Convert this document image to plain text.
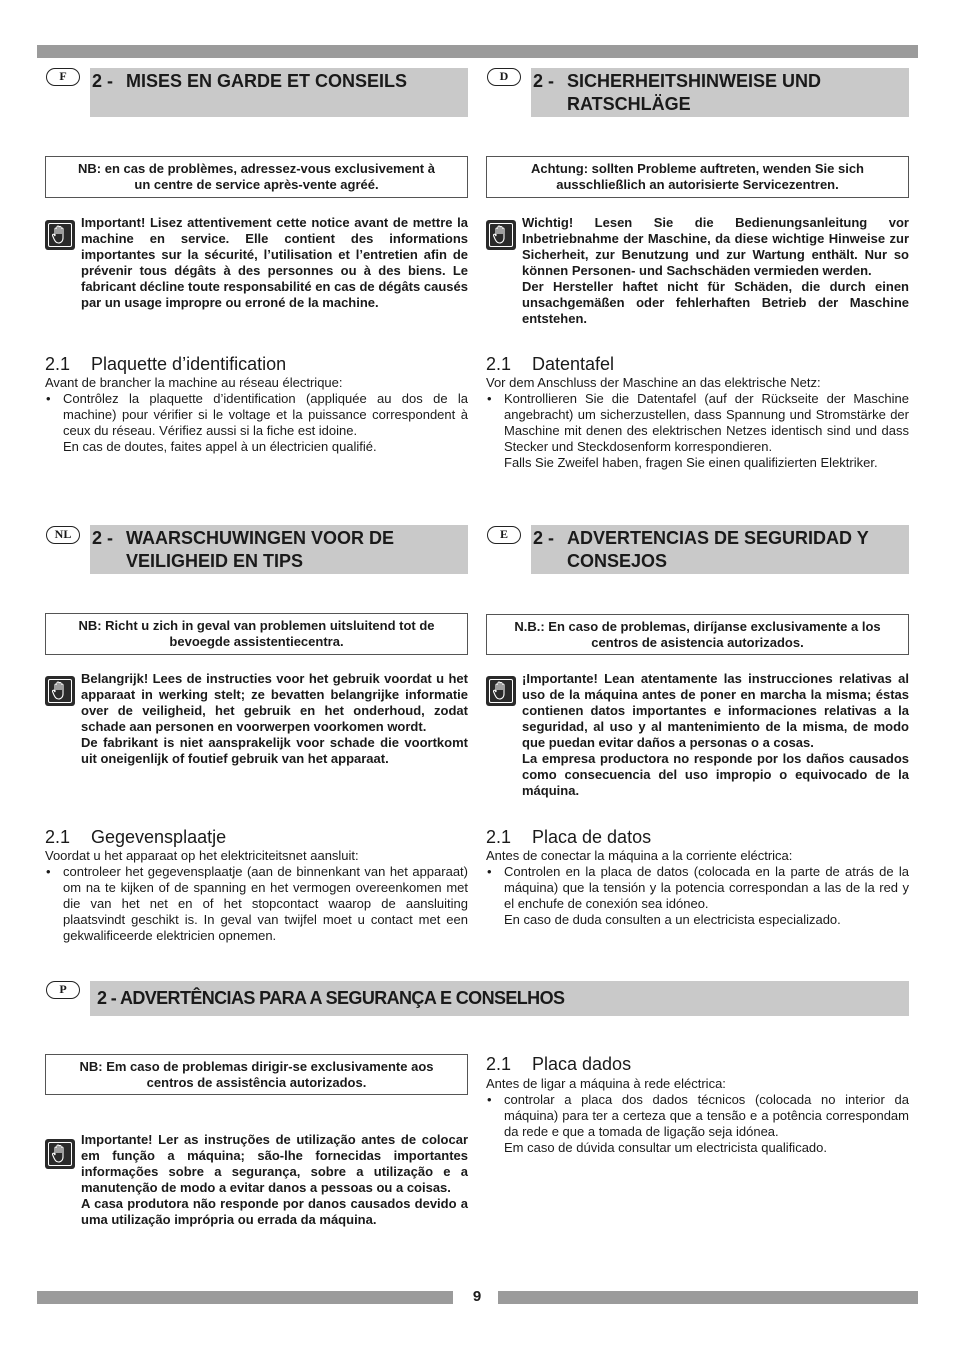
F	2 - MISES EN GARDE ET CONSEILS
NB: en cas de problèmes, adressez-vous exclusivement à
un centre de service après-vente agréé.

Important! Lisez attentivement cette notice avant de mettre la machine en service. Elle contient des informations importantes sur la sécurité, l’utilisation et l’entretien afin de prévenir tous dégâts à des personnes ou à des biens. Le fabricant décline toute responsabilité en cas de dégâts causés par un usage impropre ou erroné de la machine.

2.1 Plaquette d’identification

Avant de brancher la machine au réseau électrique:

• Contrôlez la plaquette d’identification (appliquée au dos de la machine) pour vérifier si le voltage et la puissance correspondent à ceux du réseau. Vérifiez aussi si la fiche est idoine.

En cas de doutes, faites appel à un électricien qualifié.

D	2 - SICHERHEITSHINWEISE UND RATSCHLÄGE
Achtung: sollten Probleme auftreten, wenden Sie sich
ausschließlich an autorisierte Servicezentren.

Wichtig! Lesen Sie die Bedienungsanleitung vor Inbetriebnahme der Maschine, da diese wichtige Hinweise zur Sicherheit, zur Benutzung und zur Wartung enthält. Nur so können Personen- und Sachschäden vermieden werden.

Der Hersteller haftet nicht für Schäden, die durch einen unsachgemäßen oder fehlerhaften Betrieb der Maschine entstehen.

2.1 Datentafel

Vor dem Anschluss der Maschine an das elektrische Netz:

• Kontrollieren Sie die Datentafel (auf der Rückseite der Maschine angebracht) um sicherzustellen, dass Spannung und Stromstärke der Maschine mit denen des elektrischen Netzes identisch sind und dass Stecker und Steckdosenform korrespondieren.

Falls Sie Zweifel haben, fragen Sie einen qualifizierten Elektriker.

NL	2 - WAARSCHUWINGEN VOOR DE VEILIGHEID EN TIPS
NB: Richt u zich in geval van problemen uitsluitend tot de
bevoegde assistentiecentra.

Belangrijk! Lees de instructies voor het gebruik voordat u het apparaat in werking stelt; ze bevatten belangrijke informatie over de veiligheid, het gebruik en het onderhoud, zodat schade aan personen en voorwerpen voorkomen wordt.

De fabrikant is niet aansprakelijk voor schade die voortkomt uit oneigenlijk of foutief gebruik van het apparaat.

2.1 Gegevensplaatje

Voordat u het apparaat op het elektriciteitsnet aansluit:

• controleer het gegevensplaatje (aan de binnenkant van het apparaat) om na te kijken of de spanning en het vermogen overeenkomen met die van het net en of het stopcontact waarop de aansluiting plaatsvindt geschikt is. In geval van twijfel moet u contact met een gekwalificeerde elektricien opnemen.

E	2 - ADVERTENCIAS DE SEGURIDAD Y CONSEJOS
N.B.: En caso de problemas, diríjanse exclusivamente a los
centros de asistencia autorizados.

¡Importante! Lean atentamente las instrucciones relativas al uso de la máquina antes de poner en marcha la misma; éstas contienen datos importantes e informaciones relativas a la seguridad, al uso y al mantenimiento de la misma, de modo que puedan evitar daños a personas o a cosas.

La empresa productora no responde por los daños causados como consecuencia del uso impropio o equivocado de la máquina.

2.1 Placa de datos

Antes de conectar la máquina a la corriente eléctrica:

• Controlen en la placa de datos (colocada en la parte de atrás de la máquina) que la tensión y la potencia correspondan a las de la red y el enchufe de conexión sea idóneo.

En caso de duda consulten a un electricista especializado.

P	2 - ADVERTÊNCIAS PARA A SEGURANÇA E CONSELHOS
NB: Em caso de problemas dirigir-se exclusivamente aos
centros de assistência autorizados.

Importante! Ler as instruções de utilização antes de colocar em função a máquina; são-lhe fornecidas importantes informações sobre a segurança, sobre a utilização e a manutenção de modo a evitar danos a pessoas ou a coisas.

A casa produtora não responde por danos causados devido a uma utilização imprópria ou errada da máquina.

2.1 Placa dados

Antes de ligar a máquina à rede eléctrica:

• controlar a placa dos dados técnicos (colocada no interior da máquina) para ter a certeza que a tensão e a potência correspondam da rede e que a tomada de ligação seja idónea.

Em caso de dúvida consultar um electricista qualificado.

9
